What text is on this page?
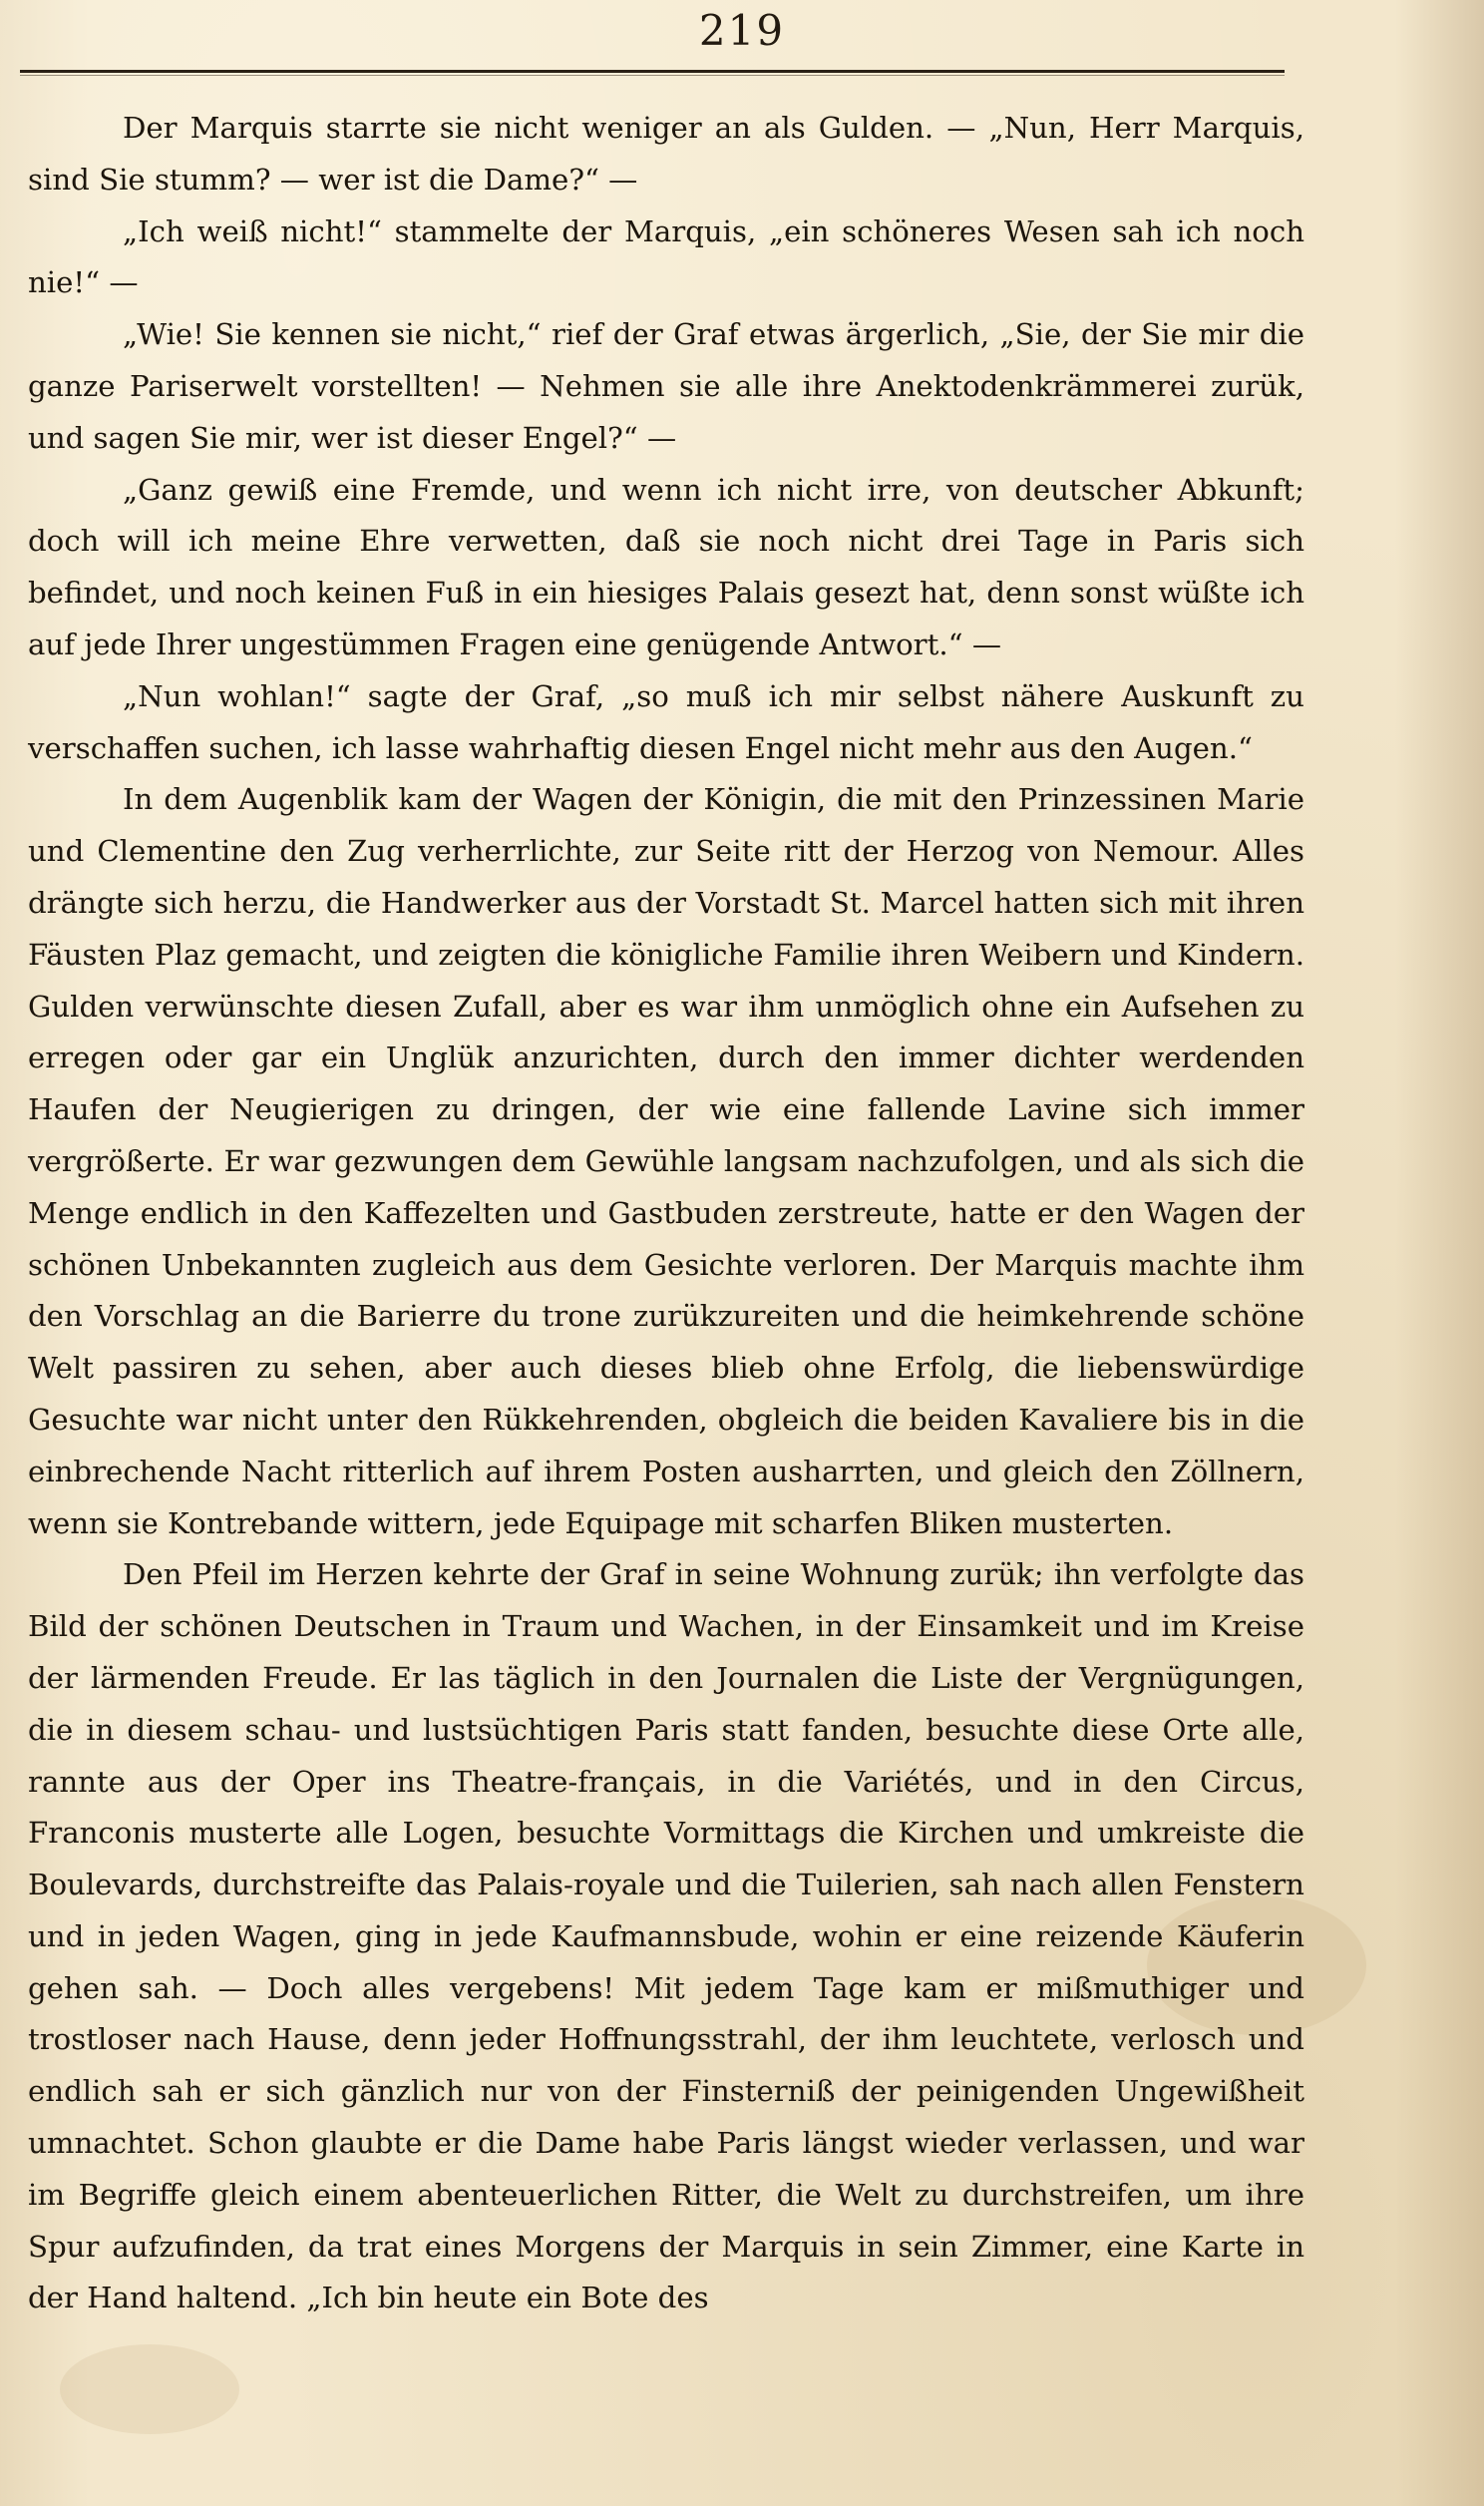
219

Der Marquis starrte sie nicht weniger an als Gulden. — „Nun, Herr Marquis, sind Sie stumm? — wer ist die Dame?“ —

„Ich weiß nicht!“ stammelte der Marquis, „ein schöneres Wesen sah ich noch nie!“ —

„Wie! Sie kennen sie nicht,“ rief der Graf etwas ärgerlich, „Sie, der Sie mir die ganze Pariserwelt vorstellten! — Nehmen sie alle ihre Anektodenkrämmerei zurük, und sagen Sie mir, wer ist dieser Engel?“ —

„Ganz gewiß eine Fremde, und wenn ich nicht irre, von deutscher Abkunft; doch will ich meine Ehre verwetten, daß sie noch nicht drei Tage in Paris sich befindet, und noch keinen Fuß in ein hiesiges Palais gesezt hat, denn sonst wüßte ich auf jede Ihrer ungestümmen Fragen eine genügende Antwort.“ —

„Nun wohlan!“ sagte der Graf, „so muß ich mir selbst nähere Auskunft zu verschaffen suchen, ich lasse wahrhaftig diesen Engel nicht mehr aus den Augen.“

In dem Augenblik kam der Wagen der Königin, die mit den Prinzessinen Marie und Clementine den Zug verherrlichte, zur Seite ritt der Herzog von Nemour. Alles drängte sich herzu, die Handwerker aus der Vorstadt St. Marcel hatten sich mit ihren Fäusten Plaz gemacht, und zeigten die königliche Familie ihren Weibern und Kindern. Gulden verwünschte diesen Zufall, aber es war ihm unmöglich ohne ein Aufsehen zu erregen oder gar ein Unglük anzurichten, durch den immer dichter werdenden Haufen der Neugierigen zu dringen, der wie eine fallende Lavine sich immer vergrößerte. Er war gezwungen dem Gewühle langsam nachzufolgen, und als sich die Menge endlich in den Kaffezelten und Gastbuden zerstreute, hatte er den Wagen der schönen Unbekannten zugleich aus dem Gesichte verloren. Der Marquis machte ihm den Vorschlag an die Barierre du trone zurükzureiten und die heimkehrende schöne Welt passiren zu sehen, aber auch dieses blieb ohne Erfolg, die liebenswürdige Gesuchte war nicht unter den Rükkehrenden, obgleich die beiden Kavaliere bis in die einbrechende Nacht ritterlich auf ihrem Posten ausharrten, und gleich den Zöllnern, wenn sie Kontrebande wittern, jede Equipage mit scharfen Bliken musterten.

Den Pfeil im Herzen kehrte der Graf in seine Wohnung zurük; ihn verfolgte das Bild der schönen Deutschen in Traum und Wachen, in der Einsamkeit und im Kreise der lärmenden Freude. Er las täglich in den Journalen die Liste der Vergnügungen, die in diesem schau- und lustsüchtigen Paris statt fanden, besuchte diese Orte alle, rannte aus der Oper ins Theatre-français, in die Variétés, und in den Circus, Franconis musterte alle Logen, besuchte Vormittags die Kirchen und umkreiste die Boulevards, durchstreifte das Palais-royale und die Tuilerien, sah nach allen Fenstern und in jeden Wagen, ging in jede Kaufmannsbude, wohin er eine reizende Käuferin gehen sah. — Doch alles vergebens! Mit jedem Tage kam er mißmuthiger und trostloser nach Hause, denn jeder Hoffnungsstrahl, der ihm leuchtete, verlosch und endlich sah er sich gänzlich nur von der Finsterniß der peinigenden Ungewißheit umnachtet. Schon glaubte er die Dame habe Paris längst wieder verlassen, und war im Begriffe gleich einem abenteuerlichen Ritter, die Welt zu durchstreifen, um ihre Spur aufzufinden, da trat eines Morgens der Marquis in sein Zimmer, eine Karte in der Hand haltend. „Ich bin heute ein Bote des
